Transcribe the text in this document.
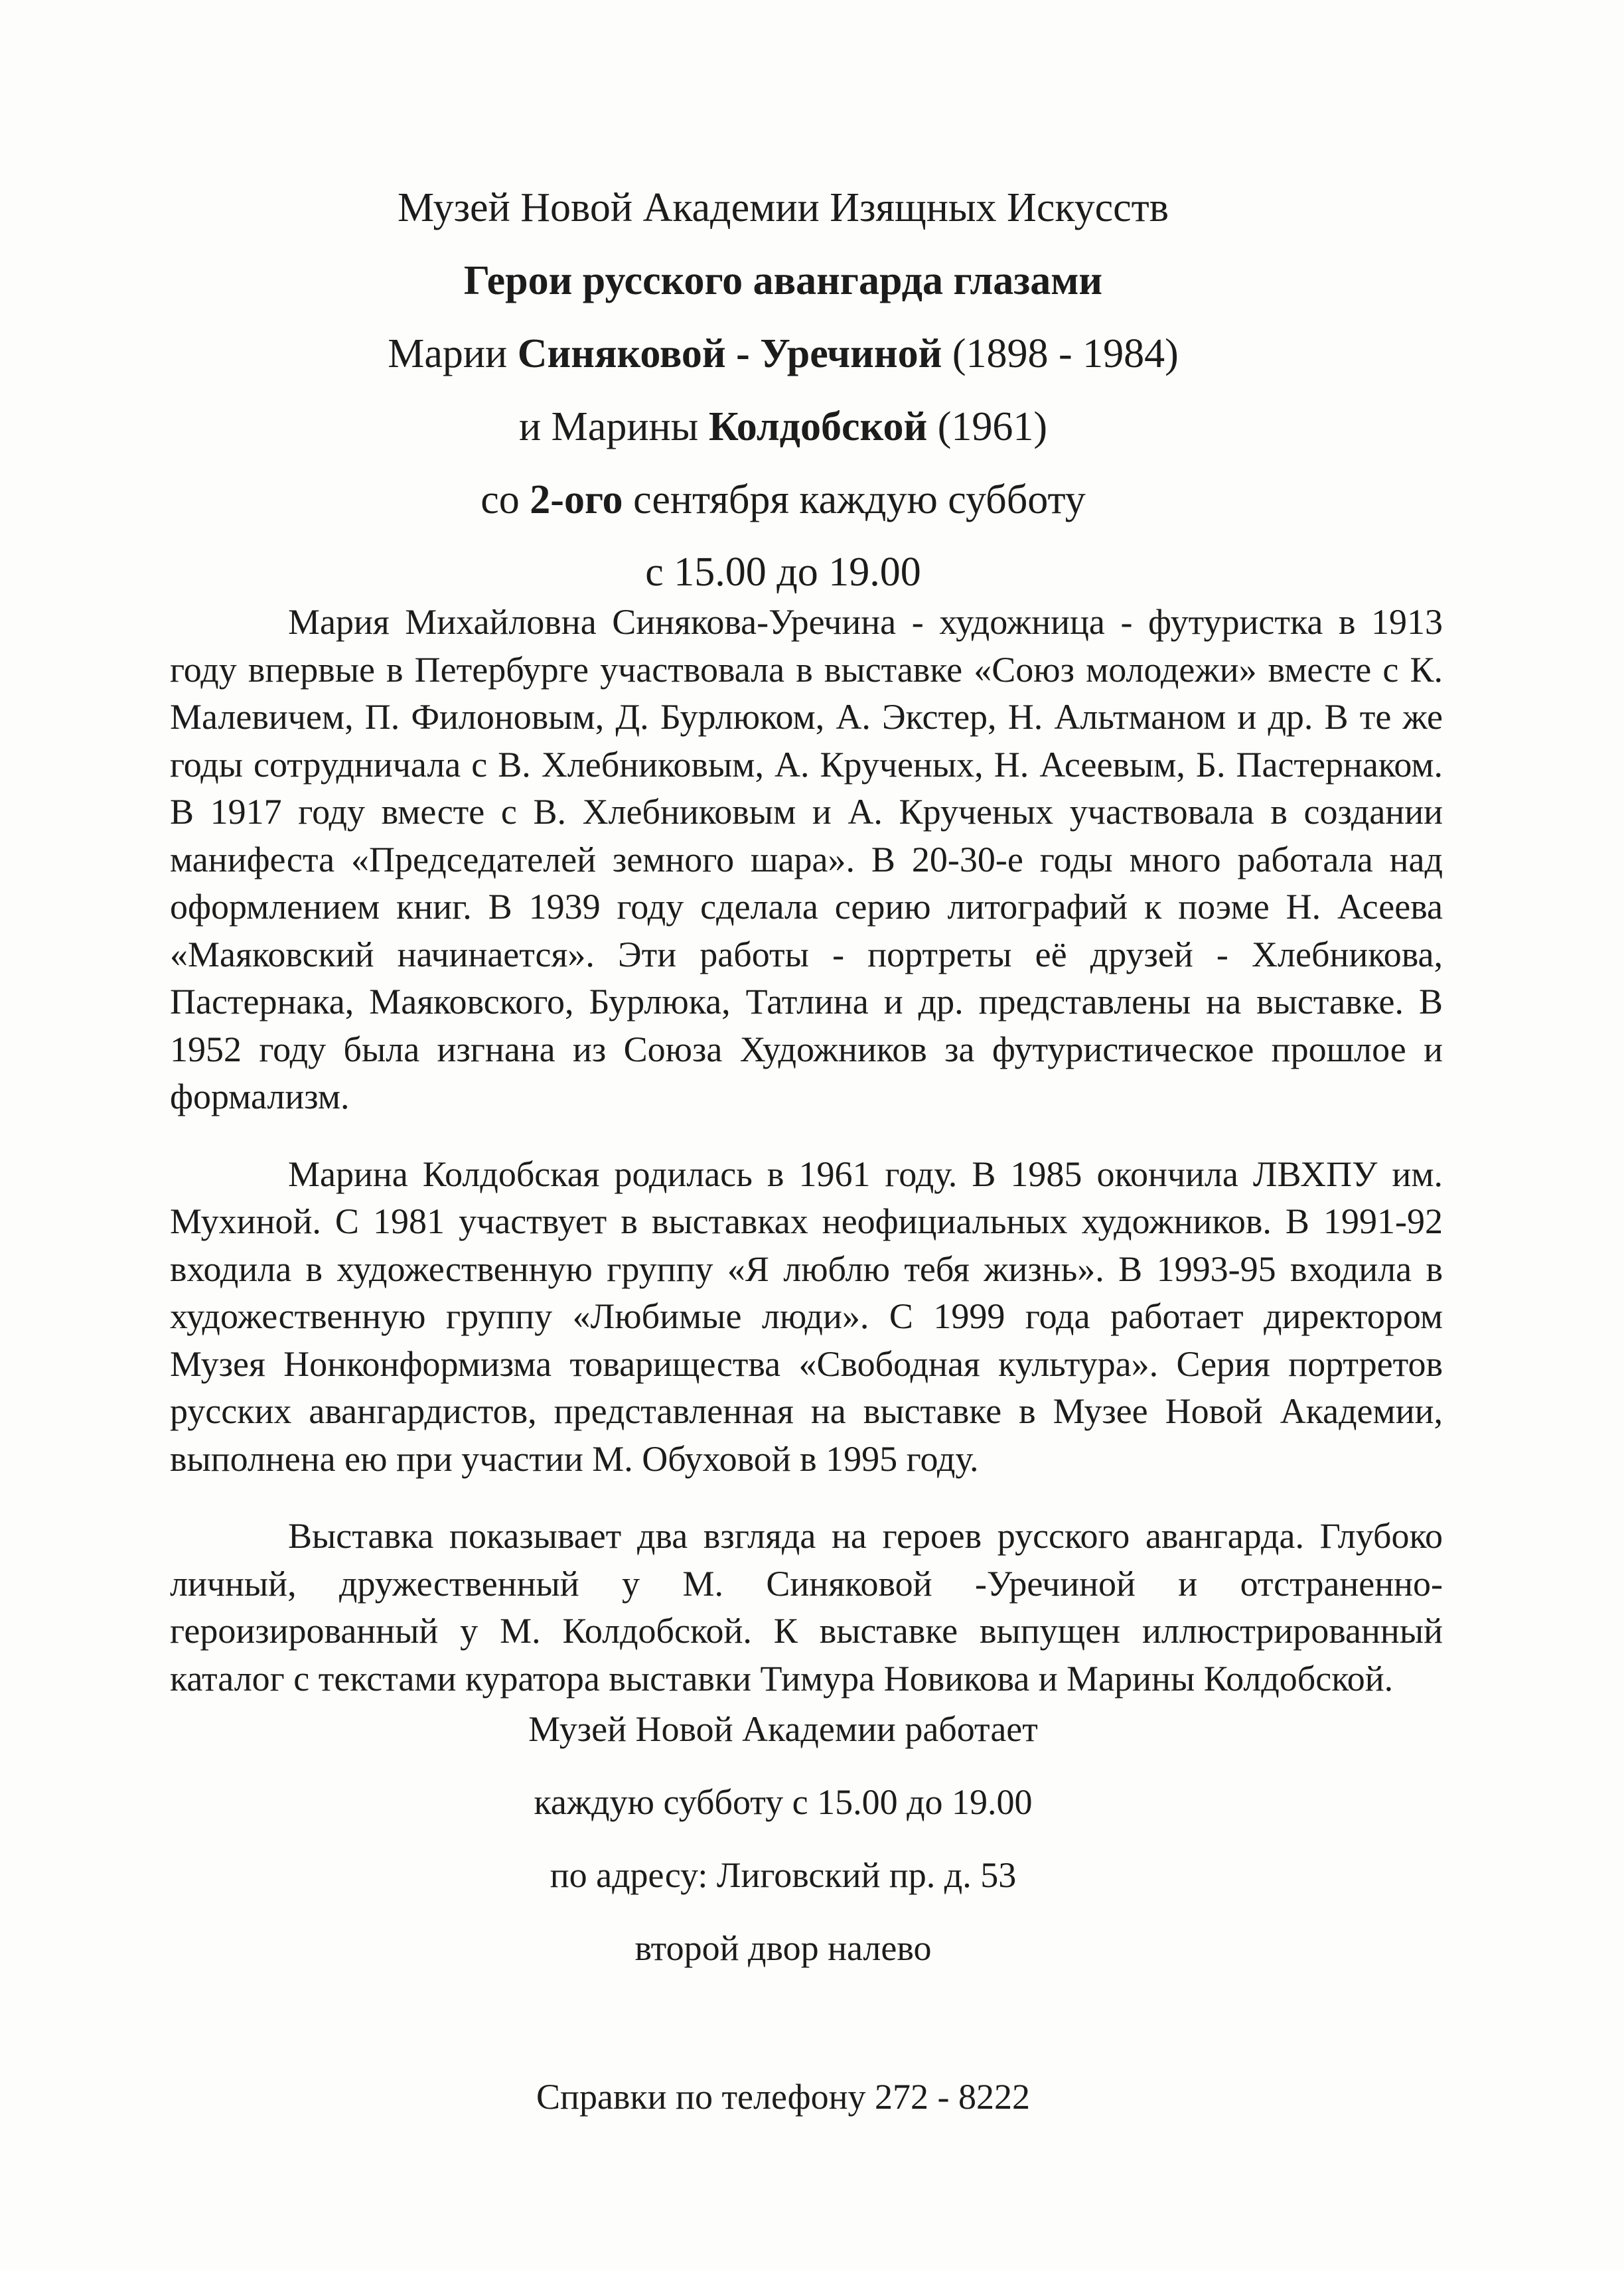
Музей Новой Академии Изящных Искусств
Герои русского авангарда глазами
Марии Синяковой - Уречиной (1898 - 1984)
и Марины Колдобской (1961)
со 2-ого сентября каждую субботу
с 15.00 до 19.00

Мария Михайловна Синякова-Уречина - художница - футуристка в 1913 году впервые в Петербурге участвовала в выставке «Союз молодежи» вместе с К. Малевичем, П. Филоновым, Д. Бурлюком, А. Экстер, Н. Альтманом и др. В те же годы сотрудничала с В. Хлебниковым, А. Крученых, Н. Асеевым, Б. Пастернаком. В 1917 году вместе с В. Хлебниковым и А. Крученых участвовала в создании манифеста «Председателей земного шара». В 20-30-е годы много работала над оформлением книг. В 1939 году сделала серию литографий к поэме Н. Асеева «Маяковский начинается». Эти работы - портреты её друзей - Хлебникова, Пастернака, Маяковского, Бурлюка, Татлина и др. представлены на выставке. В 1952 году была изгнана из Союза Художников за футуристическое прошлое и формализм.

Марина Колдобская родилась в 1961 году. В 1985 окончила ЛВХПУ им. Мухиной. С 1981 участвует в выставках неофициальных художников. В 1991-92 входила в художественную группу «Я люблю тебя жизнь». В 1993-95 входила в художественную группу «Любимые люди». С 1999 года работает директором Музея Нонконформизма товарищества «Свободная культура». Серия портретов русских авангардистов, представленная на выставке в Музее Новой Академии, выполнена ею при участии М. Обуховой в 1995 году.

Выставка показывает два взгляда на героев русского авангарда. Глубоко личный, дружественный у М. Синяковой -Уречиной и отстраненно-героизированный у М. Колдобской. К выставке выпущен иллюстрированный каталог с текстами куратора выставки Тимура Новикова и Марины Колдобской.

Музей Новой Академии работает
каждую субботу с 15.00 до 19.00
по адресу: Лиговский пр. д. 53
второй двор налево
Справки по телефону 272 - 8222
